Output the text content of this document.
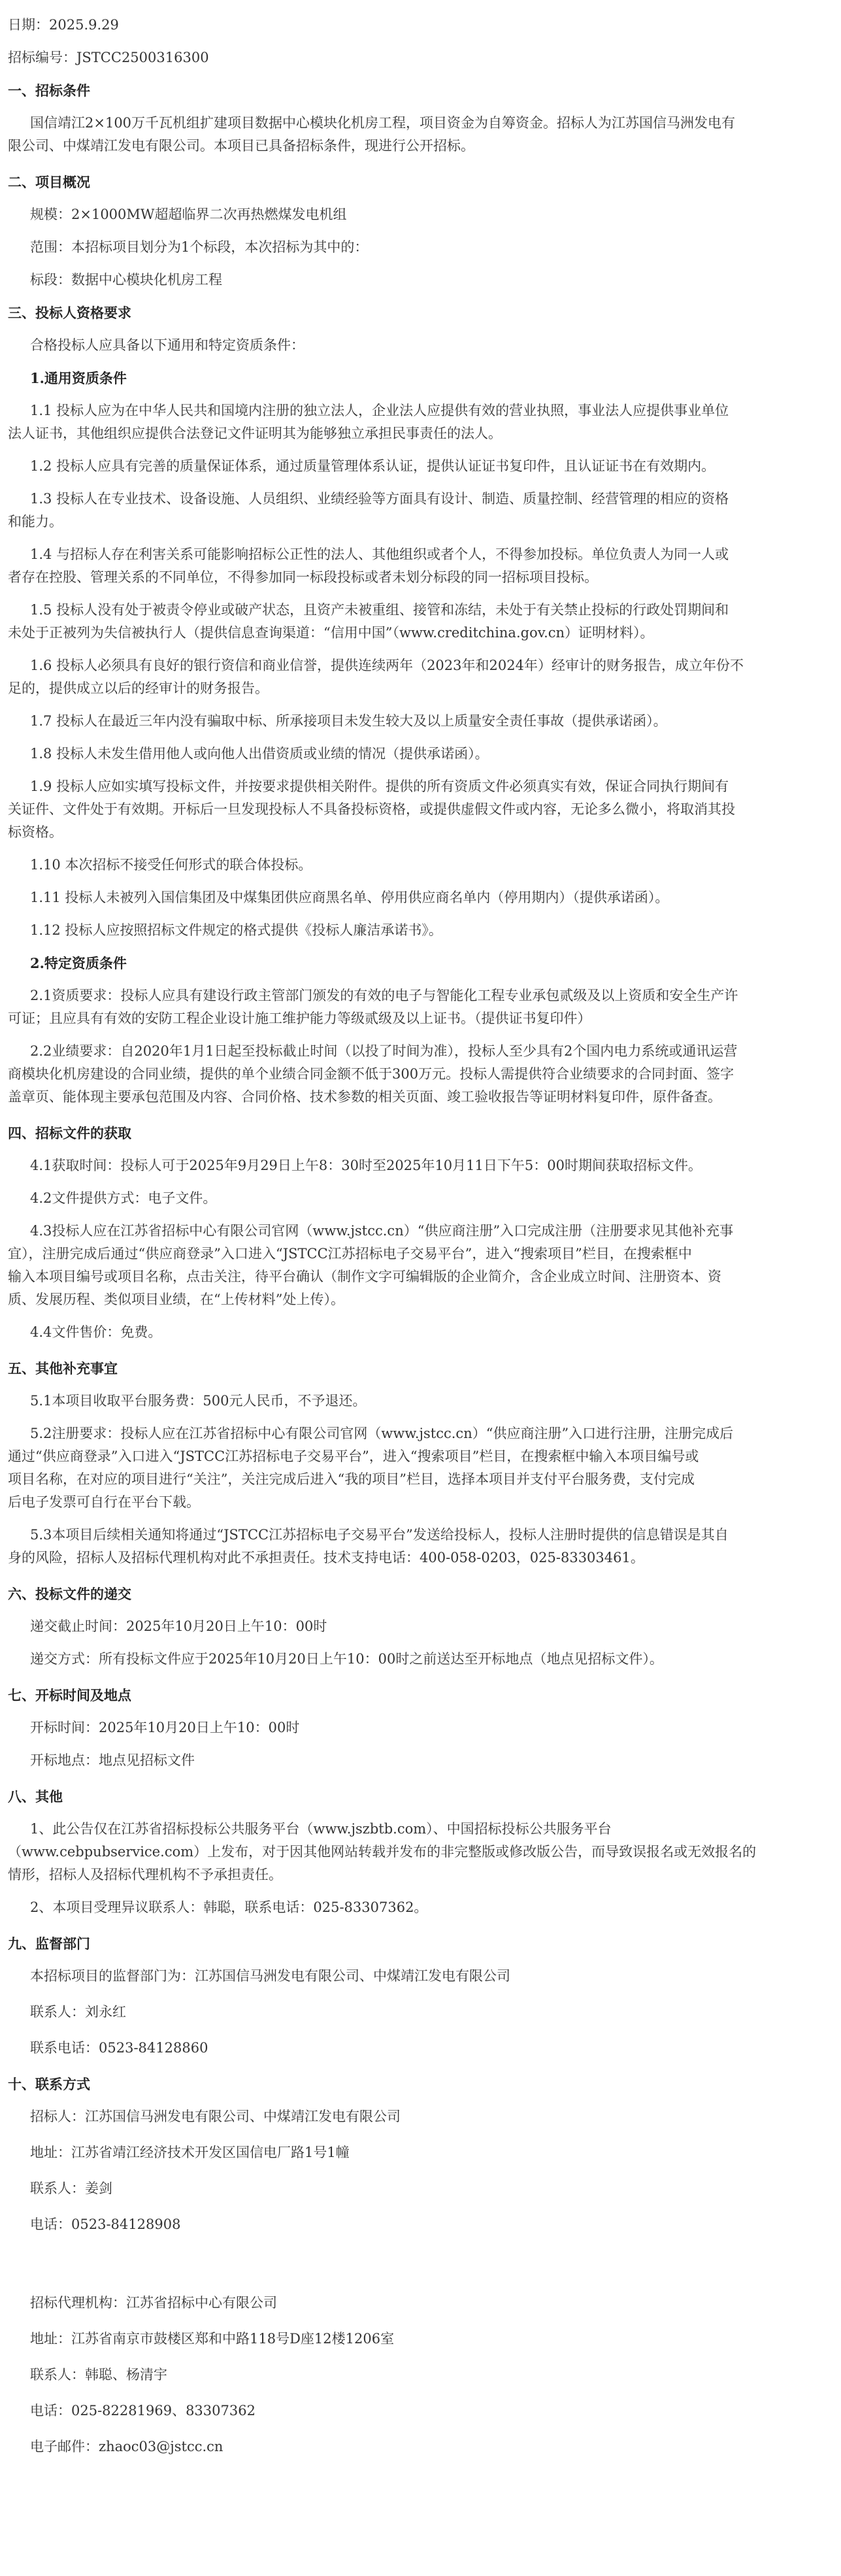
日期：2025.9.29
招标编号：JSTCC2500316300
一、招标条件
国信靖江2×100万千瓦机组扩建项目数据中心模块化机房工程，项目资金为自筹资金。招标人为江苏国信马洲发电有
限公司、中煤靖江发电有限公司。本项目已具备招标条件，现进行公开招标。
二、项目概况
规模：2×1000MW超超临界二次再热燃煤发电机组
范围：本招标项目划分为1个标段，本次招标为其中的：
标段：数据中心模块化机房工程
三、投标人资格要求
合格投标人应具备以下通用和特定资质条件：
1.通用资质条件
1.1 投标人应为在中华人民共和国境内注册的独立法人，企业法人应提供有效的营业执照，事业法人应提供事业单位
法人证书，其他组织应提供合法登记文件证明其为能够独立承担民事责任的法人。
1.2 投标人应具有完善的质量保证体系，通过质量管理体系认证，提供认证证书复印件，且认证证书在有效期内。
1.3 投标人在专业技术、设备设施、人员组织、业绩经验等方面具有设计、制造、质量控制、经营管理的相应的资格
和能力。
1.4 与招标人存在利害关系可能影响招标公正性的法人、其他组织或者个人，不得参加投标。单位负责人为同一人或
者存在控股、管理关系的不同单位，不得参加同一标段投标或者未划分标段的同一招标项目投标。
1.5 投标人没有处于被责令停业或破产状态，且资产未被重组、接管和冻结，未处于有关禁止投标的行政处罚期间和
未处于正被列为失信被执行人（提供信息查询渠道：“信用中国”（www.creditchina.gov.cn）证明材料）。
1.6 投标人必须具有良好的银行资信和商业信誉，提供连续两年（2023年和2024年）经审计的财务报告，成立年份不
足的，提供成立以后的经审计的财务报告。
1.7 投标人在最近三年内没有骗取中标、所承接项目未发生较大及以上质量安全责任事故（提供承诺函）。
1.8 投标人未发生借用他人或向他人出借资质或业绩的情况（提供承诺函）。
1.9 投标人应如实填写投标文件，并按要求提供相关附件。提供的所有资质文件必须真实有效，保证合同执行期间有
关证件、文件处于有效期。开标后一旦发现投标人不具备投标资格，或提供虚假文件或内容，无论多么微小，将取消其投
标资格。
1.10 本次招标不接受任何形式的联合体投标。
1.11 投标人未被列入国信集团及中煤集团供应商黑名单、停用供应商名单内（停用期内）（提供承诺函）。
1.12 投标人应按照招标文件规定的格式提供《投标人廉洁承诺书》。
2.特定资质条件
2.1资质要求：投标人应具有建设行政主管部门颁发的有效的电子与智能化工程专业承包贰级及以上资质和安全生产许
可证；且应具有有效的安防工程企业设计施工维护能力等级贰级及以上证书。（提供证书复印件）
2.2业绩要求：自2020年1月1日起至投标截止时间（以投了时间为准），投标人至少具有2个国内电力系统或通讯运营
商模块化机房建设的合同业绩，提供的单个业绩合同金额不低于300万元。投标人需提供符合业绩要求的合同封面、签字
盖章页、能体现主要承包范围及内容、合同价格、技术参数的相关页面、竣工验收报告等证明材料复印件，原件备查。
四、招标文件的获取
4.1获取时间：投标人可于2025年9月29日上午8：30时至2025年10月11日下午5：00时期间获取招标文件。
4.2文件提供方式：电子文件。
4.3投标人应在江苏省招标中心有限公司官网（www.jstcc.cn）“供应商注册”入口完成注册（注册要求见其他补充事
宜），注册完成后通过“供应商登录”入口进入“JSTCC江苏招标电子交易平台”，进入“搜索项目”栏目，在搜索框中
输入本项目编号或项目名称，点击关注，待平台确认（制作文字可编辑版的企业简介，含企业成立时间、注册资本、资
质、发展历程、类似项目业绩，在“上传材料”处上传）。
4.4文件售价：免费。
五、其他补充事宜
5.1本项目收取平台服务费：500元人民币，不予退还。
5.2注册要求：投标人应在江苏省招标中心有限公司官网（www.jstcc.cn）“供应商注册”入口进行注册，注册完成后
通过“供应商登录”入口进入“JSTCC江苏招标电子交易平台”，进入“搜索项目”栏目，在搜索框中输入本项目编号或
项目名称，在对应的项目进行“关注”，关注完成后进入“我的项目”栏目，选择本项目并支付平台服务费，支付完成
后电子发票可自行在平台下载。
5.3本项目后续相关通知将通过“JSTCC江苏招标电子交易平台”发送给投标人，投标人注册时提供的信息错误是其自
身的风险，招标人及招标代理机构对此不承担责任。技术支持电话：400-058-0203，025-83303461。
六、投标文件的递交
递交截止时间：2025年10月20日上午10：00时
递交方式：所有投标文件应于2025年10月20日上午10：00时之前送达至开标地点（地点见招标文件）。
七、开标时间及地点
开标时间：2025年10月20日上午10：00时
开标地点：地点见招标文件
八、其他
1、此公告仅在江苏省招标投标公共服务平台（www.jszbtb.com）、中国招标投标公共服务平台
（www.cebpubservice.com）上发布，对于因其他网站转载并发布的非完整版或修改版公告，而导致误报名或无效报名的
情形，招标人及招标代理机构不予承担责任。
2、本项目受理异议联系人：韩聪，联系电话：025-83307362。
九、监督部门
本招标项目的监督部门为：江苏国信马洲发电有限公司、中煤靖江发电有限公司
联系人：刘永红
联系电话：0523-84128860
十、联系方式
招标人：江苏国信马洲发电有限公司、中煤靖江发电有限公司
地址：江苏省靖江经济技术开发区国信电厂路1号1幢
联系人：姜剑
电话：0523-84128908
招标代理机构：江苏省招标中心有限公司
地址：江苏省南京市鼓楼区郑和中路118号D座12楼1206室
联系人：韩聪、杨清宇
电话：025-82281969、83307362
电子邮件：zhaoc03@jstcc.cn
